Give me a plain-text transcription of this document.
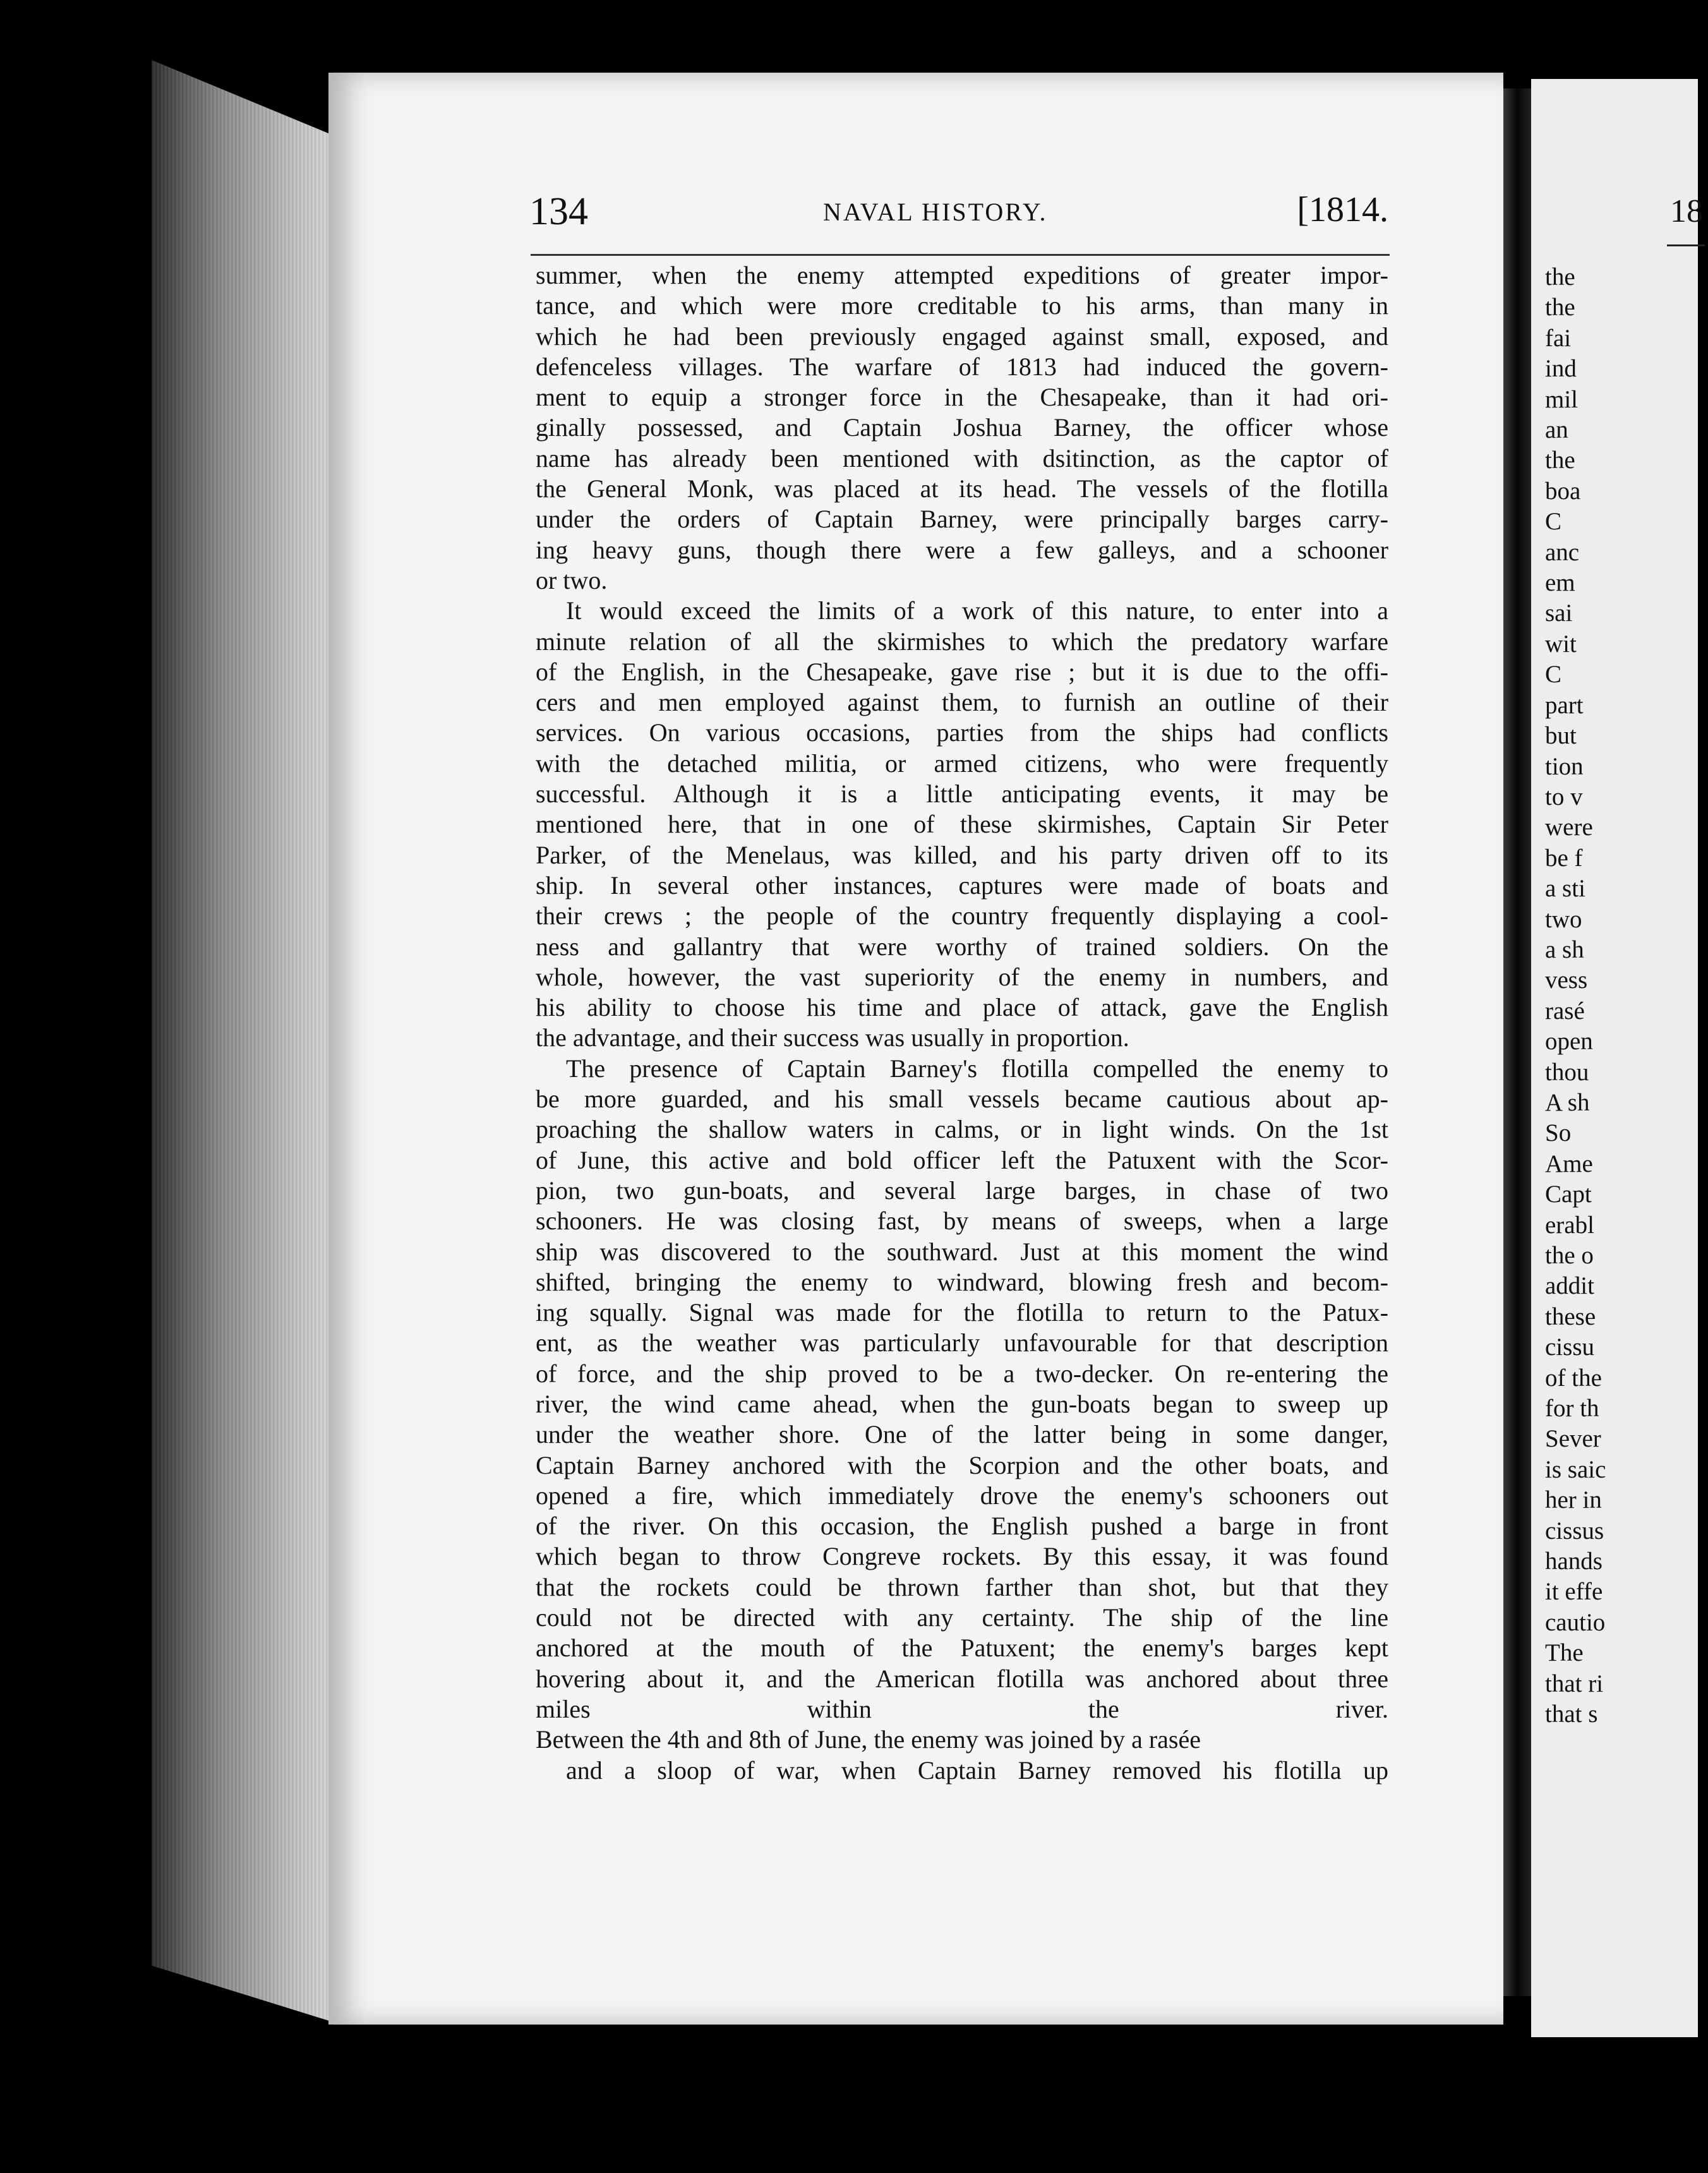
18
the
the
fai
ind
mil
an
the
boa
C
anc
em
sai
wit
C
part
but
tion
to v
were
be f
a sti
two
a sh
vess
rasé
open
thou
A sh
So
Ame
Capt
erabl
the o
addit
these
cissu
of the
for th
Sever
is saic
her in
cissus
hands
it effe
cautio
The
that ri
that s
134	NAVAL HISTORY.	[1814.
summer, when the enemy attempted expeditions of greater impor-
tance, and which were more creditable to his arms, than many in
which he had been previously engaged against small, exposed, and
defenceless villages. The warfare of 1813 had induced the govern-
ment to equip a stronger force in the Chesapeake, than it had ori-
ginally possessed, and Captain Joshua Barney, the officer whose
name has already been mentioned with dsitinction, as the captor of
the General Monk, was placed at its head. The vessels of the flotilla
under the orders of Captain Barney, were principally barges carry-
ing heavy guns, though there were a few galleys, and a schooner
or two.
It would exceed the limits of a work of this nature, to enter into a
minute relation of all the skirmishes to which the predatory warfare
of the English, in the Chesapeake, gave rise ; but it is due to the offi-
cers and men employed against them, to furnish an outline of their
services. On various occasions, parties from the ships had conflicts
with the detached militia, or armed citizens, who were frequently
successful. Although it is a little anticipating events, it may be
mentioned here, that in one of these skirmishes, Captain Sir Peter
Parker, of the Menelaus, was killed, and his party driven off to its
ship. In several other instances, captures were made of boats and
their crews ; the people of the country frequently displaying a cool-
ness and gallantry that were worthy of trained soldiers. On the
whole, however, the vast superiority of the enemy in numbers, and
his ability to choose his time and place of attack, gave the English
the advantage, and their success was usually in proportion.
The presence of Captain Barney's flotilla compelled the enemy to
be more guarded, and his small vessels became cautious about ap-
proaching the shallow waters in calms, or in light winds. On the 1st
of June, this active and bold officer left the Patuxent with the Scor-
pion, two gun-boats, and several large barges, in chase of two
schooners. He was closing fast, by means of sweeps, when a large
ship was discovered to the southward. Just at this moment the wind
shifted, bringing the enemy to windward, blowing fresh and becom-
ing squally. Signal was made for the flotilla to return to the Patux-
ent, as the weather was particularly unfavourable for that description
of force, and the ship proved to be a two-decker. On re-entering the
river, the wind came ahead, when the gun-boats began to sweep up
under the weather shore. One of the latter being in some danger,
Captain Barney anchored with the Scorpion and the other boats, and
opened a fire, which immediately drove the enemy's schooners out
of the river. On this occasion, the English pushed a barge in front
which began to throw Congreve rockets. By this essay, it was found
that the rockets could be thrown farther than shot, but that they
could not be directed with any certainty. The ship of the line
anchored at the mouth of the Patuxent; the enemy's barges kept
hovering about it, and the American flotilla was anchored about three
miles within the river.
Between the 4th and 8th of June, the enemy was joined by a rasée
and a sloop of war, when Captain Barney removed his flotilla up
